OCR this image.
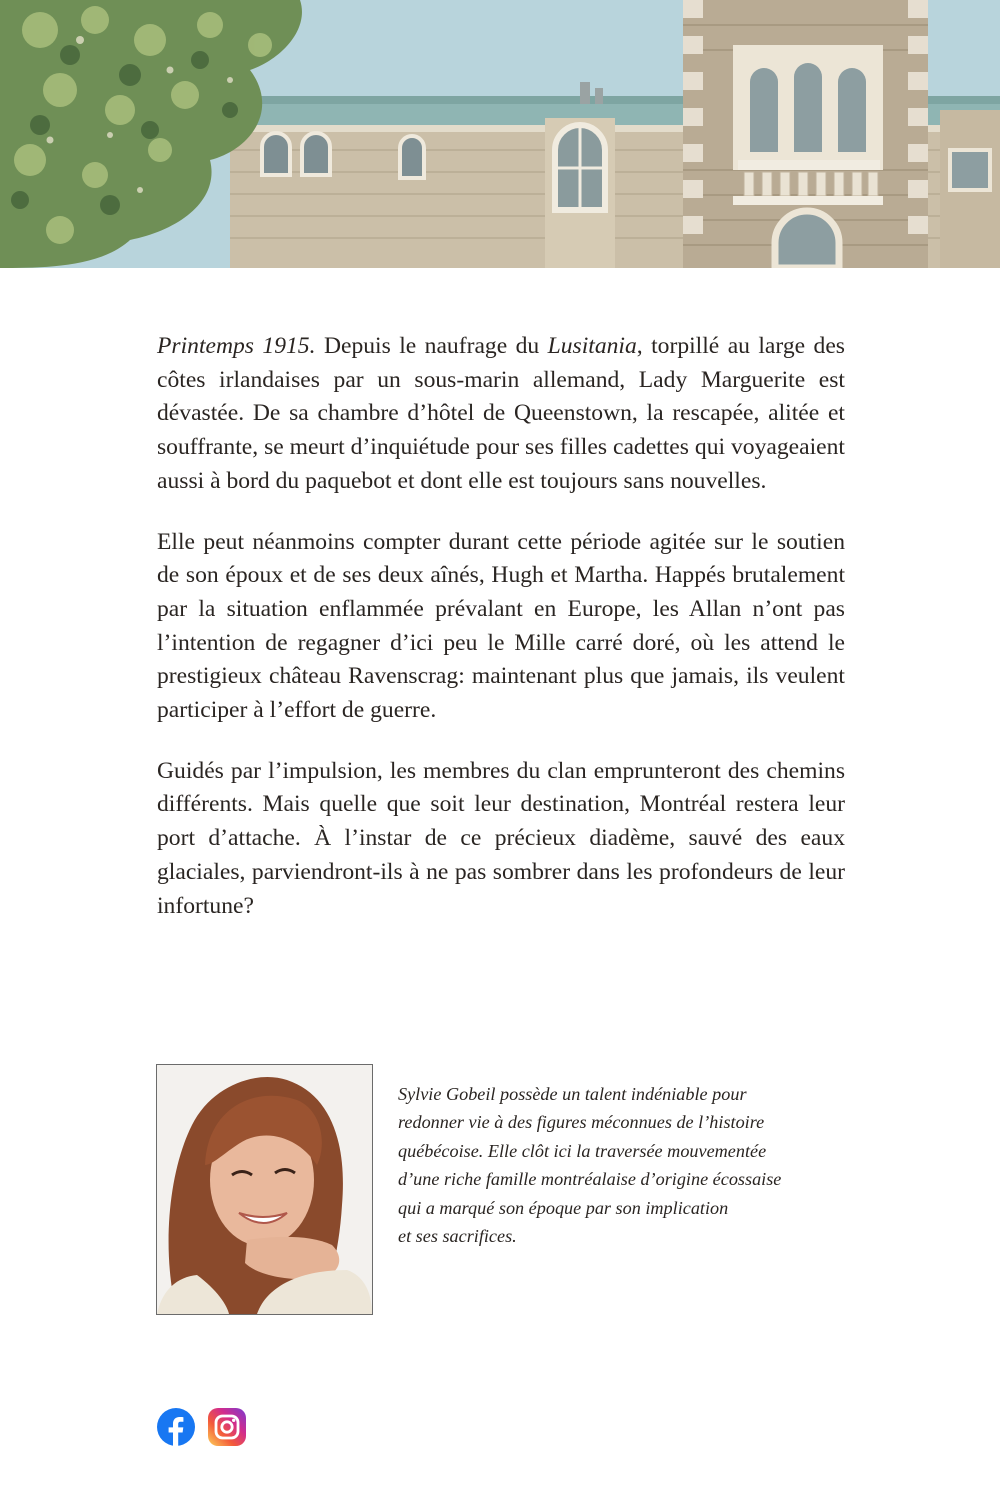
Printemps 1915. Depuis le naufrage du Lusitania, torpillé au large des côtes irlandaises par un sous-marin allemand, Lady Marguerite est dévastée. De sa chambre d’hôtel de Queenstown, la rescapée, alitée et souffrante, se meurt d’inquiétude pour ses filles cadettes qui voyageaient aussi à bord du paquebot et dont elle est toujours sans nouvelles.

Elle peut néanmoins compter durant cette période agitée sur le soutien de son époux et de ses deux aînés, Hugh et Martha. Happés brutalement par la situation enflammée prévalant en Europe, les Allan n’ont pas l’intention de regagner d’ici peu le Mille carré doré, où les attend le prestigieux château Ravenscrag: maintenant plus que jamais, ils veulent participer à l’effort de guerre.

Guidés par l’impulsion, les membres du clan emprunteront des chemins différents. Mais quelle que soit leur destination, Montréal restera leur port d’attache. À l’instar de ce précieux diadème, sauvé des eaux glaciales, parviendront-ils à ne pas sombrer dans les profondeurs de leur infortune?

Sylvie Gobeil possède un talent indéniable pour
redonner vie à des figures méconnues de l’histoire
québécoise. Elle clôt ici la traversée mouvementée
d’une riche famille montréalaise d’origine écossaise
qui a marqué son époque par son implication
et ses sacrifices.
